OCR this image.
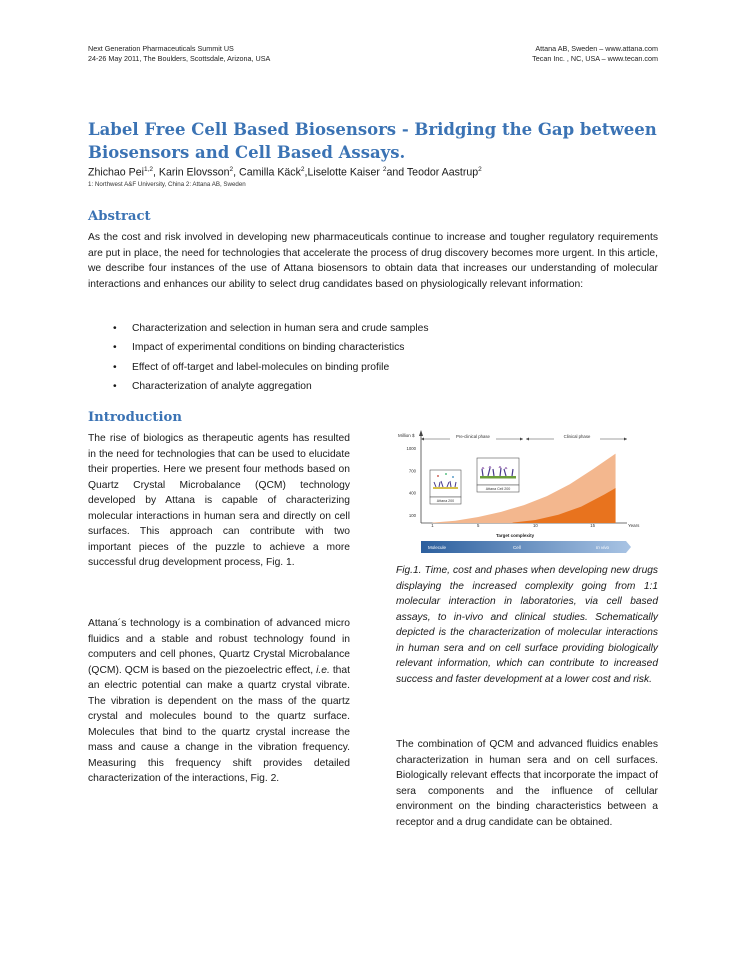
Next Generation Pharmaceuticals Summit US
24-26 May 2011, The Boulders, Scottsdale, Arizona, USA
Attana AB, Sweden – www.attana.com
Tecan Inc. , NC, USA – www.tecan.com
Label Free Cell Based Biosensors - Bridging the Gap between Biosensors and Cell Based Assays.
Zhichao Pei$^{1,2}$, Karin Elovsson$^2$, Camilla Käck$^2$,Liselotte Kaiser $^2$and Teodor Aastrup$^2$
1: Northwest A&F University, China 2: Attana AB, Sweden
Abstract

As the cost and risk involved in developing new pharmaceuticals continue to increase and tougher regulatory requirements are put in place, the need for technologies that accelerate the process of drug discovery becomes more urgent. In this article, we describe four instances of the use of Attana biosensors to obtain data that increases our understanding of molecular interactions and enhances our ability to select drug candidates based on physiologically relevant information:

• Characterization and selection in human sera and crude samples
• Impact of experimental conditions on binding characteristics
• Effect of off-target and label-molecules on binding profile
• Characterization of analyte aggregation
Introduction

The rise of biologics as therapeutic agents has resulted in the need for technologies that can be used to elucidate their properties. Here we present four methods based on Quartz Crystal Microbalance (QCM) technology developed by Attana is capable of characterizing molecular interactions in human sera and directly on cell surfaces. This approach can contribute with two important pieces of the puzzle to achieve a more successful drug development process, Fig. 1.

Attana´s technology is a combination of advanced micro fluidics and a stable and robust technology found in computers and cell phones, Quartz Crystal Microbalance (QCM). QCM is based on the piezoelectric effect, i.e. that an electric potential can make a quartz crystal vibrate. The vibration is dependent on the mass of the quartz crystal and molecules bound to the quartz surface. Molecules that bind to the quartz crystal increase the mass and cause a change in the vibration frequency. Measuring this frequency shift provides detailed characterization of the interactions, Fig. 2.

The combination of QCM and advanced fluidics enables characterization in human sera and on cell surfaces. Biologically relevant effects that incorporate the impact of sera components and the influence of cellular environment on the binding characteristics between a receptor and a drug candidate can be obtained.

Million $
100
400
700
1000
1	5	10	15	Years
Target complexity
Pre-clinical phase	Clinical phase
Attana 200
Attana Cell 200
Molecule	Cell	In vivo

Fig.1. Time, cost and phases when developing new drugs displaying the increased complexity going from 1:1 molecular interaction in laboratories, via cell based assays, to in-vivo and clinical studies. Schematically depicted is the characterization of molecular interactions in human sera and on cell surface providing biologically relevant information, which can contribute to increased success and faster development at a lower cost and risk.
